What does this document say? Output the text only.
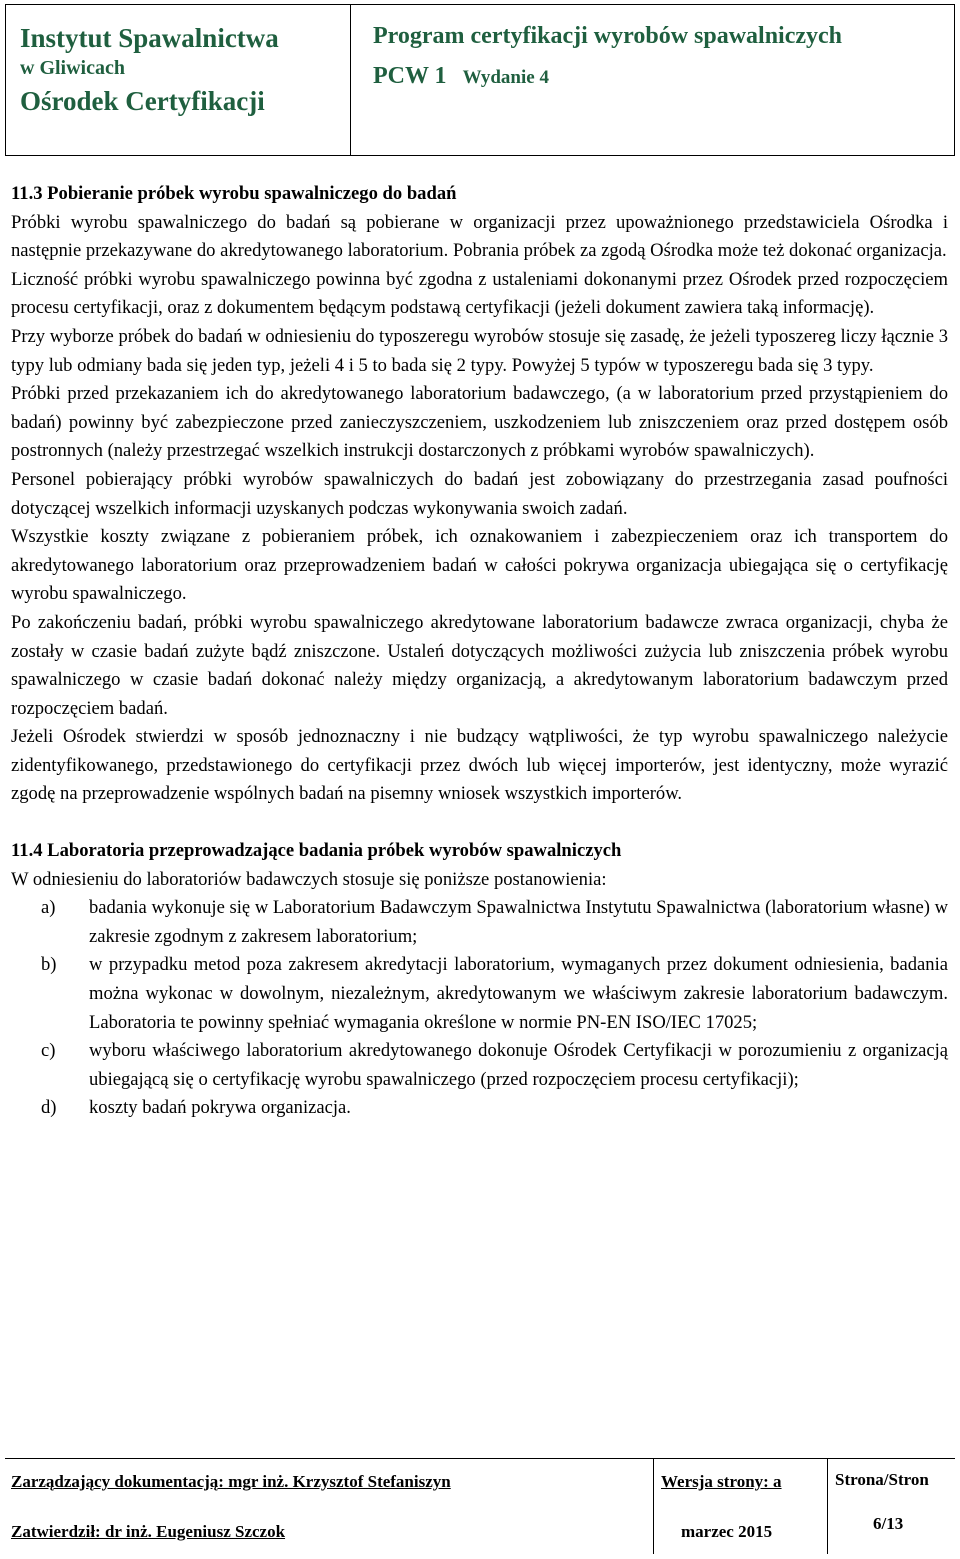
Instytut Spawalnictwa
w Gliwicach
Ośrodek Certyfikacji
Program certyfikacji wyrobów spawalniczych
PCW 1 Wydanie 4

11.3 Pobieranie próbek wyrobu spawalniczego do badań

Próbki wyrobu spawalniczego do badań są pobierane w organizacji przez upoważnionego przedstawiciela Ośrodka i następnie przekazywane do akredytowanego laboratorium. Pobrania próbek za zgodą Ośrodka może też dokonać organizacja.

Liczność próbki wyrobu spawalniczego powinna być zgodna z ustaleniami dokonanymi przez Ośrodek przed rozpoczęciem procesu certyfikacji, oraz z dokumentem będącym podstawą certyfikacji (jeżeli dokument zawiera taką informację).

Przy wyborze próbek do badań w odniesieniu do typoszeregu wyrobów stosuje się zasadę, że jeżeli typoszereg liczy łącznie 3 typy lub odmiany bada się jeden typ, jeżeli 4 i 5 to bada się 2 typy. Powyżej 5 typów w typoszeregu bada się 3 typy.

Próbki przed przekazaniem ich do akredytowanego laboratorium badawczego, (a w laboratorium przed przystąpieniem do badań) powinny być zabezpieczone przed zanieczyszczeniem, uszkodzeniem lub zniszczeniem oraz przed dostępem osób postronnych (należy przestrzegać wszelkich instrukcji dostarczonych z próbkami wyrobów spawalniczych).

Personel pobierający próbki wyrobów spawalniczych do badań jest zobowiązany do przestrzegania zasad poufności dotyczącej wszelkich informacji uzyskanych podczas wykonywania swoich zadań.

Wszystkie koszty związane z pobieraniem próbek, ich oznakowaniem i zabezpieczeniem oraz ich transportem do akredytowanego laboratorium oraz przeprowadzeniem badań w całości pokrywa organizacja ubiegająca się o certyfikację wyrobu spawalniczego.

Po zakończeniu badań, próbki wyrobu spawalniczego akredytowane laboratorium badawcze zwraca organizacji, chyba że zostały w czasie badań zużyte bądź zniszczone. Ustaleń dotyczących możliwości zużycia lub zniszczenia próbek wyrobu spawalniczego w czasie badań dokonać należy między organizacją, a akredytowanym laboratorium badawczym przed rozpoczęciem badań.

Jeżeli Ośrodek stwierdzi w sposób jednoznaczny i nie budzący wątpliwości, że typ wyrobu spawalniczego należycie zidentyfikowanego, przedstawionego do certyfikacji przez dwóch lub więcej importerów, jest identyczny, może wyrazić zgodę na przeprowadzenie wspólnych badań na pisemny wniosek wszystkich importerów.

11.4 Laboratoria przeprowadzające badania próbek wyrobów spawalniczych

W odniesieniu do laboratoriów badawczych stosuje się poniższe postanowienia:

a)	badania wykonuje się w Laboratorium Badawczym Spawalnictwa Instytutu Spawalnictwa (laboratorium własne) w zakresie zgodnym z zakresem laboratorium;
b)	w przypadku metod poza zakresem akredytacji laboratorium, wymaganych przez dokument odniesienia, badania można wykonac w dowolnym, niezależnym, akredytowanym we właściwym zakresie laboratorium badawczym. Laboratoria te powinny spełniać wymagania określone w normie PN-EN ISO/IEC 17025;
c)	wyboru właściwego laboratorium akredytowanego dokonuje Ośrodek Certyfikacji w porozumieniu z organizacją ubiegającą się o certyfikację wyrobu spawalniczego (przed rozpoczęciem procesu certyfikacji);
d)	koszty badań pokrywa organizacja.
Zarządzający dokumentacją: mgr inż. Krzysztof Stefaniszyn	Wersja strony: a	Strona/Stron
Zatwierdził: dr inż. Eugeniusz Szczok	marzec 2015	6/13
